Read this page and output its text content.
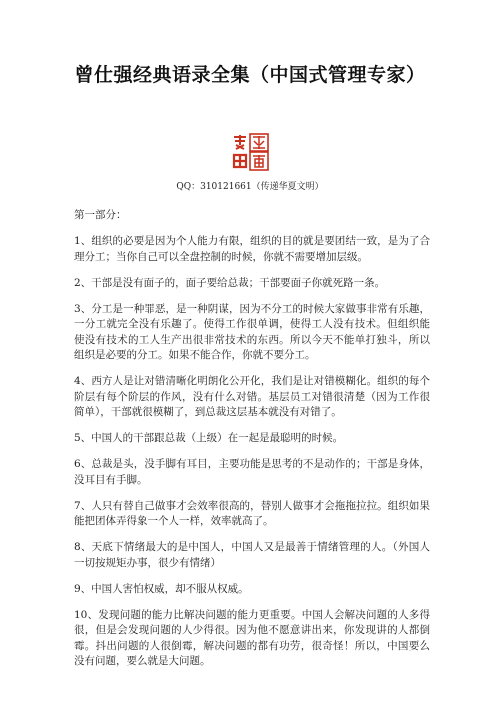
曾仕强经典语录全集（中国式管理专家）
QQ：310121661（传递华夏文明）

第一部分：

1、组织的必要是因为个人能力有限，组织的目的就是要团结一致，是为了合理分工；当你自己可以全盘控制的时候，你就不需要增加层级。

2、干部是没有面子的，面子要给总裁；干部要面子你就死路一条。

3、分工是一种罪恶，是一种阴谋，因为不分工的时候大家做事非常有乐趣，一分工就完全没有乐趣了。使得工作很单调，使得工人没有技术。但组织能使没有技术的工人生产出很非常技术的东西。所以今天不能单打独斗，所以组织是必要的分工。如果不能合作，你就不要分工。

4、西方人是让对错清晰化明朗化公开化，我们是让对错模糊化。组织的每个阶层有每个阶层的作风，没有什么对错。基层员工对错很清楚（因为工作很简单），干部就很模糊了，到总裁这层基本就没有对错了。

5、中国人的干部跟总裁（上级）在一起是最聪明的时候。

6、总裁是头，没手脚有耳目，主要功能是思考的不是动作的；干部是身体，没耳目有手脚。

7、人只有替自己做事才会效率很高的，替别人做事才会拖拖拉拉。组织如果能把团体弄得象一个人一样，效率就高了。

8、天底下情绪最大的是中国人，中国人又是最善于情绪管理的人。（外国人一切按规矩办事，很少有情绪）

9、中国人害怕权威，却不服从权威。

10、发现问题的能力比解决问题的能力更重要。中国人会解决问题的人多得很，但是会发现问题的人少得很。因为他不愿意讲出来，你发现讲的人都倒霉。抖出问题的人很倒霉，解决问题的都有功劳，很奇怪！所以，中国要么没有问题，要么就是大问题。
